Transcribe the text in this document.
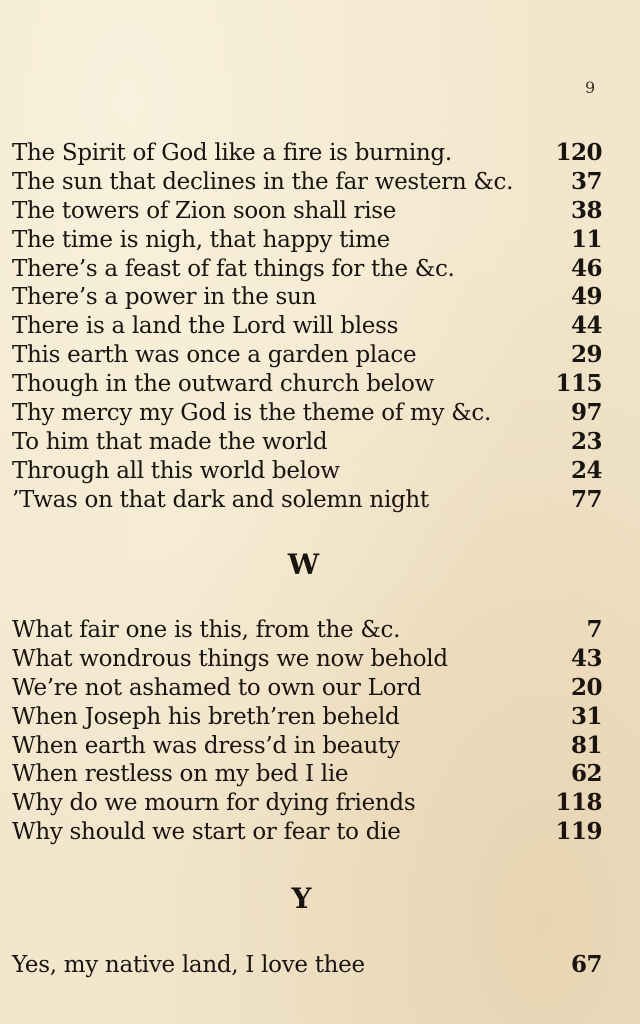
9
The Spirit of God like a fire is burning.	120
The sun that declines in the far western &c.	37
The towers of Zion soon shall rise	38
The time is nigh, that happy time	11
There’s a feast of fat things for the &c.	46
There’s a power in the sun	49
There is a land the Lord will bless	44
This earth was once a garden place	29
Though in the outward church below	115
Thy mercy my God is the theme of my &c.	97
To him that made the world	23
Through all this world below	24
’Twas on that dark and solemn night	77
W
What fair one is this, from the &c.	7
What wondrous things we now behold	43
We’re not ashamed to own our Lord	20
When Joseph his breth’ren beheld	31
When earth was dress’d in beauty	81
When restless on my bed I lie	62
Why do we mourn for dying friends	118
Why should we start or fear to die	119
Y
Yes, my native land, I love thee	67
